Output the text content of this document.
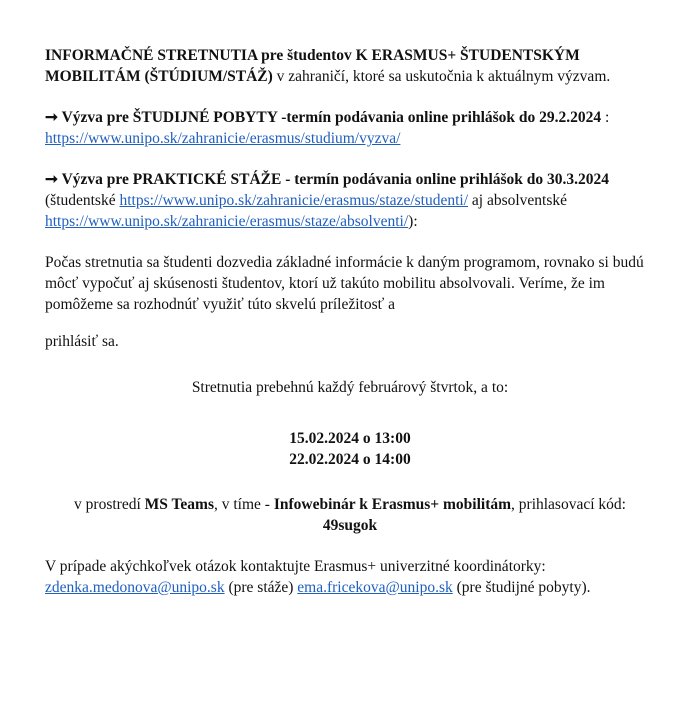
INFORMAČNÉ STRETNUTIA pre študentov K ERASMUS+ ŠTUDENTSKÝM MOBILITÁM (ŠTÚDIUM/STÁŽ) v zahraničí, ktoré sa uskutočnia k aktuálnym výzvam.

➞ Výzva pre ŠTUDIJNÉ POBYTY -termín podávania online prihlášok do 29.2.2024 : https://www.unipo.sk/zahranicie/erasmus/studium/vyzva/

➞ Výzva pre PRAKTICKÉ STÁŽE - termín podávania online prihlášok do 30.3.2024 (študentské https://www.unipo.sk/zahranicie/erasmus/staze/studenti/ aj absolventské https://www.unipo.sk/zahranicie/erasmus/staze/absolventi/):

Počas stretnutia sa študenti dozvedia základné informácie k daným programom, rovnako si budú môcť vypočuť aj skúsenosti študentov, ktorí už takúto mobilitu absolvovali. Veríme, že im pomôžeme sa rozhodnúť využiť túto skvelú príležitosť a

prihlásiť sa.

Stretnutia prebehnú každý februárový štvrtok, a to:

15.02.2024 o 13:00
22.02.2024 o 14:00

v prostredí MS Teams, v tíme - Infowebinár k Erasmus+ mobilitám, prihlasovací kód: 49sugok

V prípade akýchkoľvek otázok kontaktujte Erasmus+ univerzitné koordinátorky: zdenka.medonova@unipo.sk (pre stáže) ema.fricekova@unipo.sk (pre študijné pobyty).
